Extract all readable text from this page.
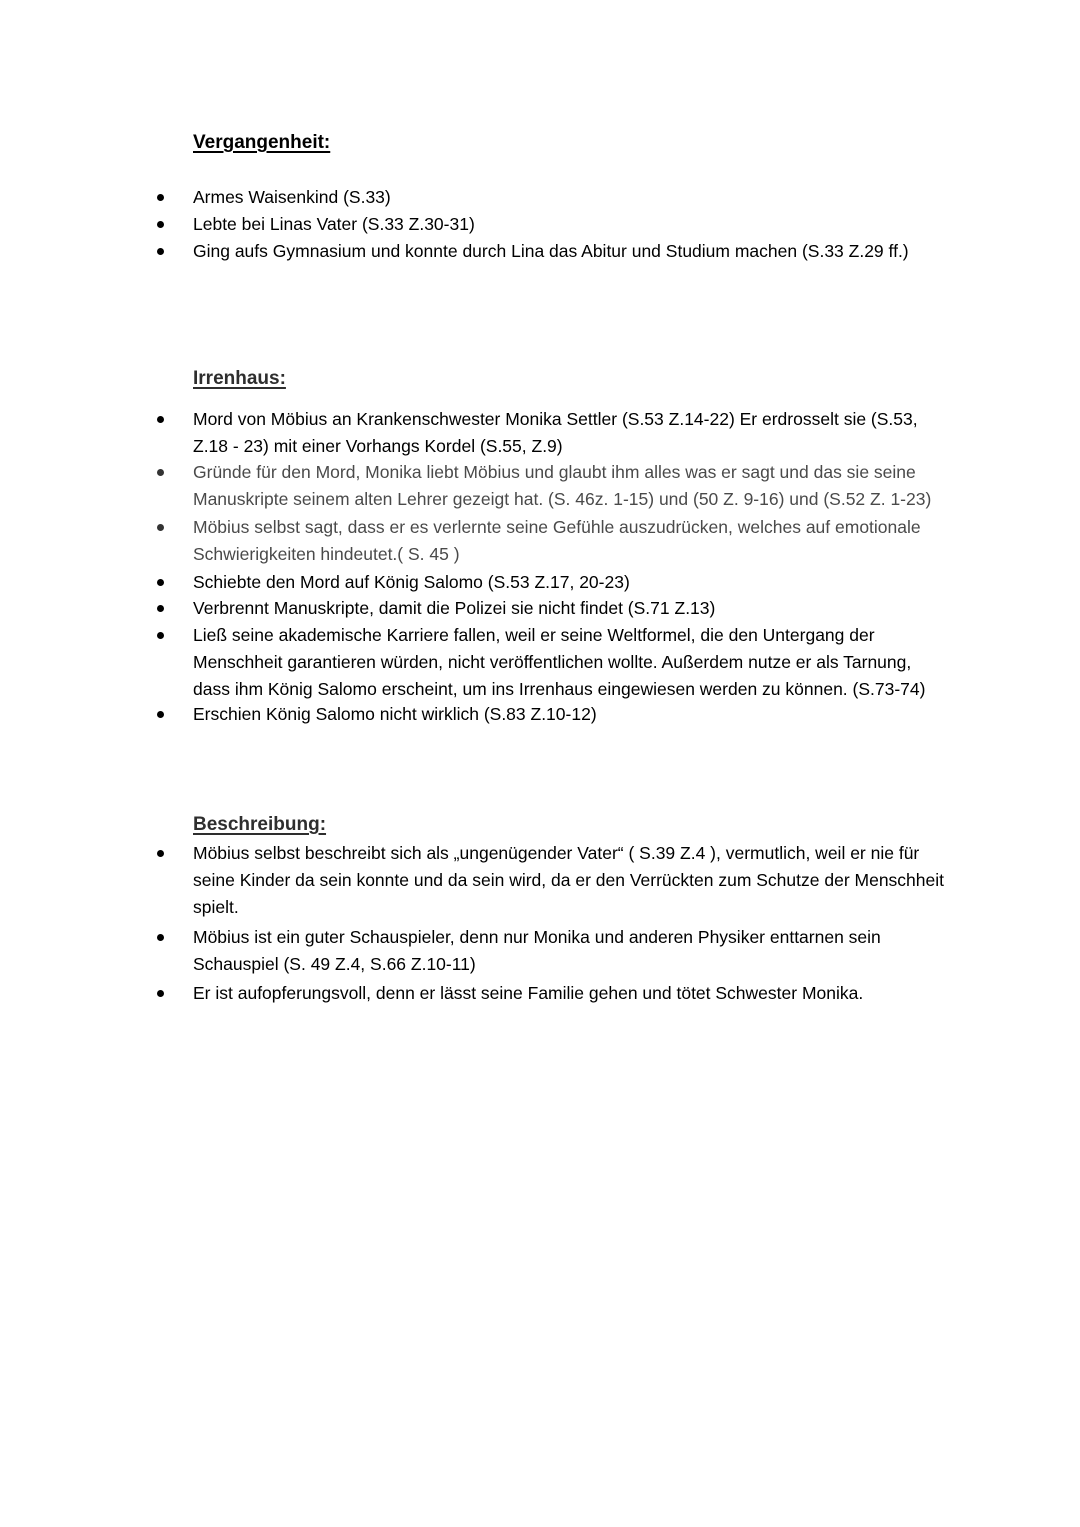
Vergangenheit:
Armes Waisenkind (S.33)
Lebte bei Linas Vater (S.33 Z.30-31)
Ging aufs Gymnasium und konnte durch Lina das Abitur und Studium machen (S.33 Z.29 ff.)
Irrenhaus:
Mord von Möbius an Krankenschwester Monika Settler (S.53 Z.14-22) Er erdrosselt sie (S.53, Z.18 - 23) mit einer Vorhangs Kordel (S.55, Z.9)
Gründe für den Mord, Monika liebt Möbius und glaubt ihm alles was er sagt und das sie seine Manuskripte seinem alten Lehrer gezeigt hat. (S. 46z. 1-15) und (50 Z. 9-16) und (S.52 Z. 1-23)
Möbius selbst sagt, dass er es verlernte seine Gefühle auszudrücken, welches auf emotionale Schwierigkeiten hindeutet.( S. 45 )
Schiebte den Mord auf König Salomo (S.53 Z.17, 20-23)
Verbrennt Manuskripte, damit die Polizei sie nicht findet (S.71 Z.13)
Ließ seine akademische Karriere fallen, weil er seine Weltformel, die den Untergang der Menschheit garantieren würden, nicht veröffentlichen wollte. Außerdem nutze er als Tarnung, dass ihm König Salomo erscheint, um ins Irrenhaus eingewiesen werden zu können. (S.73-74)
Erschien König Salomo nicht wirklich (S.83 Z.10-12)
Beschreibung:
Möbius selbst beschreibt sich als „ungenügender Vater“ ( S.39 Z.4 ), vermutlich, weil er nie für seine Kinder da sein konnte und da sein wird, da er den Verrückten zum Schutze der Menschheit spielt.
Möbius ist ein guter Schauspieler, denn nur Monika und anderen Physiker enttarnen sein Schauspiel (S. 49 Z.4, S.66 Z.10-11)
Er ist aufopferungsvoll, denn er lässt seine Familie gehen und tötet Schwester Monika.
